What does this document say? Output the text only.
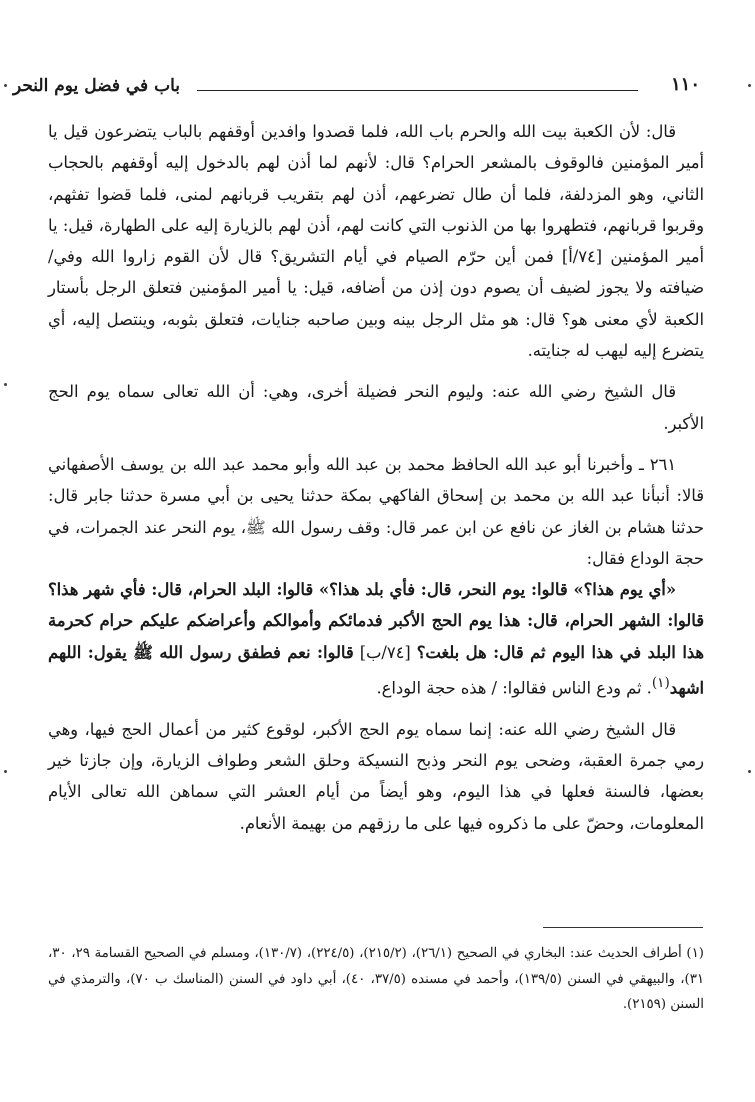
١١٠
باب في فضل يوم النحر

قال: لأن الكعبة بيت الله والحرم باب الله، فلما قصدوا وافدين أوقفهم بالباب يتضرعون قيل يا أمير المؤمنين فالوقوف بالمشعر الحرام؟ قال: لأنهم لما أذن لهم بالدخول إليه أوقفهم بالحجاب الثاني، وهو المزدلفة، فلما أن طال تضرعهم، أذن لهم بتقريب قربانهم لمنى، فلما قضوا تفثهم، وقربوا قربانهم، فتطهروا بها من الذنوب التي كانت لهم، أذن لهم بالزيارة إليه على الطهارة، قيل: يا أمير المؤمنين [٧٤/أ] فمن أين حرّم الصيام في أيام التشريق؟ قال لأن القوم زاروا الله وفي/ ضيافته ولا يجوز لضيف أن يصوم دون إذن من أضافه، قيل: يا أمير المؤمنين فتعلق الرجل بأستار الكعبة لأي معنى هو؟ قال: هو مثل الرجل بينه وبين صاحبه جنايات، فتعلق بثوبه، وينتصل إليه، أي يتضرع إليه ليهب له جنايته.

قال الشيخ رضي الله عنه: وليوم النحر فضيلة أخرى، وهي: أن الله تعالى سماه يوم الحج الأكبر.

٢٦١ ـ وأخبرنا أبو عبد الله الحافظ محمد بن عبد الله وأبو محمد عبد الله بن يوسف الأصفهاني قالا: أنبأنا عبد الله بن محمد بن إسحاق الفاكهي بمكة حدثنا يحيى بن أبي مسرة حدثنا جابر قال: حدثنا هشام بن الغاز عن نافع عن ابن عمر قال: وقف رسول الله ﷺ، يوم النحر عند الجمرات، في حجة الوداع فقال:

«أي يوم هذا؟» قالوا: يوم النحر، قال: فأي بلد هذا؟» قالوا: البلد الحرام، قال: فأي شهر هذا؟ قالوا: الشهر الحرام، قال: هذا يوم الحج الأكبر فدمائكم وأموالكم وأعراضكم عليكم حرام كحرمة هذا البلد في هذا اليوم ثم قال: هل بلغت؟ [٧٤/ب] قالوا: نعم فطفق رسول الله ﷺ يقول: اللهم اشهد$^{(١)}$. ثم ودع الناس فقالوا: / هذه حجة الوداع.

قال الشيخ رضي الله عنه: إنما سماه يوم الحج الأكبر، لوقوع كثير من أعمال الحج فيها، وهي رمي جمرة العقبة، وضحى يوم النحر وذبح النسيكة وحلق الشعر وطواف الزيارة، وإن جازتا خير بعضها، فالسنة فعلها في هذا اليوم، وهو أيضاً من أيام العشر التي سماهن الله تعالى الأيام المعلومات، وحضّ على ما ذكروه فيها على ما رزقهم من بهيمة الأنعام.

(١) أطراف الحديث عند: البخاري في الصحيح (٢٦/١)، (٢١٥/٢)، (٢٢٤/٥)، (١٣٠/٧)، ومسلم في الصحيح القسامة ٢٩، ٣٠، ٣١)، والبيهقي في السنن (١٣٩/٥)، وأحمد في مسنده (٣٧/٥، ٤٠)، أبي داود في السنن (المناسك ب ٧٠)، والترمذي في السنن (٢١٥٩).
